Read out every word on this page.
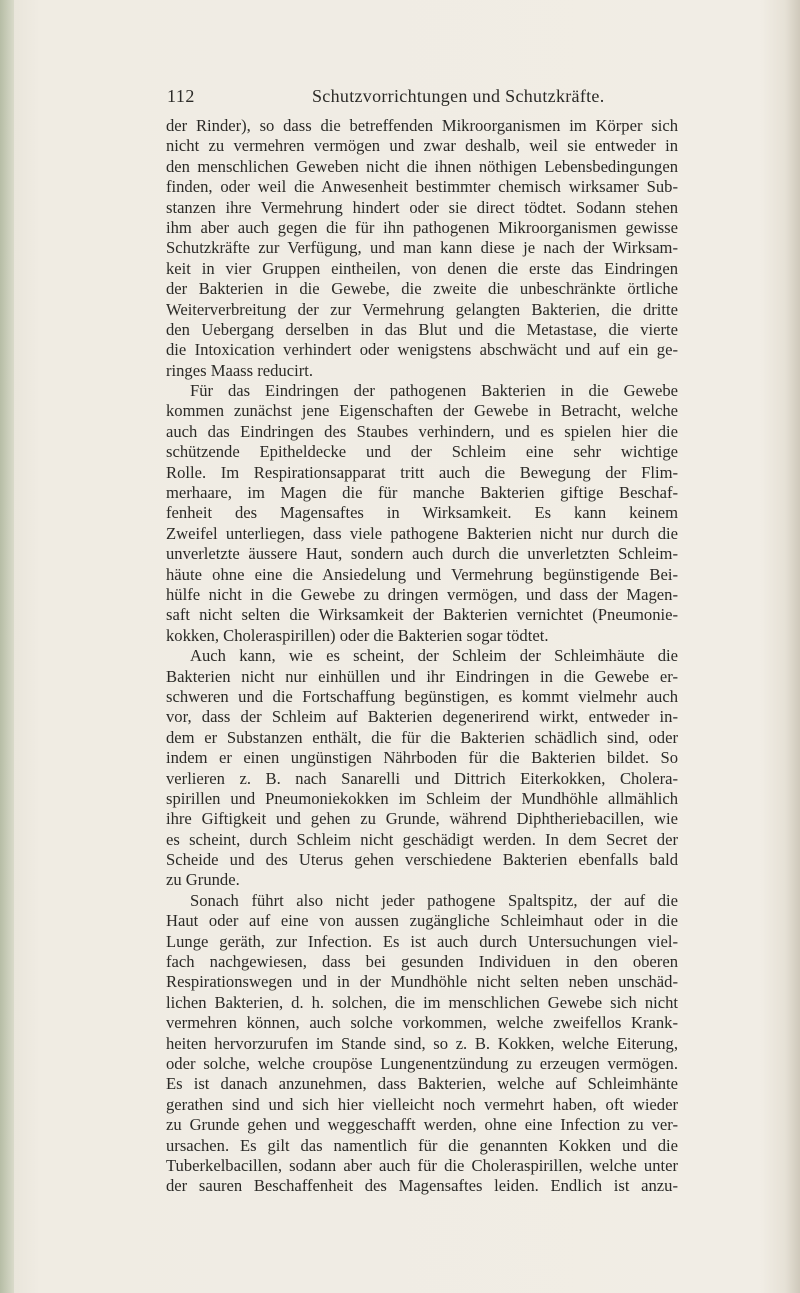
112	Schutzvorrichtungen und Schutzkräfte.
der Rinder), so dass die betreffenden Mikroorganismen im Körper sich
nicht zu vermehren vermögen und zwar deshalb, weil sie entweder in
den menschlichen Geweben nicht die ihnen nöthigen Lebensbedingungen
finden, oder weil die Anwesenheit bestimmter chemisch wirksamer Sub-
stanzen ihre Vermehrung hindert oder sie direct tödtet. Sodann stehen
ihm aber auch gegen die für ihn pathogenen Mikroorganismen gewisse
Schutzkräfte zur Verfügung, und man kann diese je nach der Wirksam-
keit in vier Gruppen eintheilen, von denen die erste das Eindringen
der Bakterien in die Gewebe, die zweite die unbeschränkte örtliche
Weiterverbreitung der zur Vermehrung gelangten Bakterien, die dritte
den Uebergang derselben in das Blut und die Metastase, die vierte
die Intoxication verhindert oder wenigstens abschwächt und auf ein ge-
ringes Maass reducirt.
Für das Eindringen der pathogenen Bakterien in die Gewebe
kommen zunächst jene Eigenschaften der Gewebe in Betracht, welche
auch das Eindringen des Staubes verhindern, und es spielen hier die
schützende Epitheldecke und der Schleim eine sehr wichtige
Rolle. Im Respirationsapparat tritt auch die Bewegung der Flim-
merhaare, im Magen die für manche Bakterien giftige Beschaf-
fenheit des Magensaftes in Wirksamkeit. Es kann keinem
Zweifel unterliegen, dass viele pathogene Bakterien nicht nur durch die
unverletzte äussere Haut, sondern auch durch die unverletzten Schleim-
häute ohne eine die Ansiedelung und Vermehrung begünstigende Bei-
hülfe nicht in die Gewebe zu dringen vermögen, und dass der Magen-
saft nicht selten die Wirksamkeit der Bakterien vernichtet (Pneumonie-
kokken, Choleraspirillen) oder die Bakterien sogar tödtet.
Auch kann, wie es scheint, der Schleim der Schleimhäute die
Bakterien nicht nur einhüllen und ihr Eindringen in die Gewebe er-
schweren und die Fortschaffung begünstigen, es kommt vielmehr auch
vor, dass der Schleim auf Bakterien degenerirend wirkt, entweder in-
dem er Substanzen enthält, die für die Bakterien schädlich sind, oder
indem er einen ungünstigen Nährboden für die Bakterien bildet. So
verlieren z. B. nach Sanarelli und Dittrich Eiterkokken, Cholera-
spirillen und Pneumoniekokken im Schleim der Mundhöhle allmählich
ihre Giftigkeit und gehen zu Grunde, während Diphtheriebacillen, wie
es scheint, durch Schleim nicht geschädigt werden. In dem Secret der
Scheide und des Uterus gehen verschiedene Bakterien ebenfalls bald
zu Grunde.
Sonach führt also nicht jeder pathogene Spaltspitz, der auf die
Haut oder auf eine von aussen zugängliche Schleimhaut oder in die
Lunge geräth, zur Infection. Es ist auch durch Untersuchungen viel-
fach nachgewiesen, dass bei gesunden Individuen in den oberen
Respirationswegen und in der Mundhöhle nicht selten neben unschäd-
lichen Bakterien, d. h. solchen, die im menschlichen Gewebe sich nicht
vermehren können, auch solche vorkommen, welche zweifellos Krank-
heiten hervorzurufen im Stande sind, so z. B. Kokken, welche Eiterung,
oder solche, welche croupöse Lungenentzündung zu erzeugen vermögen.
Es ist danach anzunehmen, dass Bakterien, welche auf Schleimhänte
gerathen sind und sich hier vielleicht noch vermehrt haben, oft wieder
zu Grunde gehen und weggeschafft werden, ohne eine Infection zu ver-
ursachen. Es gilt das namentlich für die genannten Kokken und die
Tuberkelbacillen, sodann aber auch für die Choleraspirillen, welche unter
der sauren Beschaffenheit des Magensaftes leiden. Endlich ist anzu-
